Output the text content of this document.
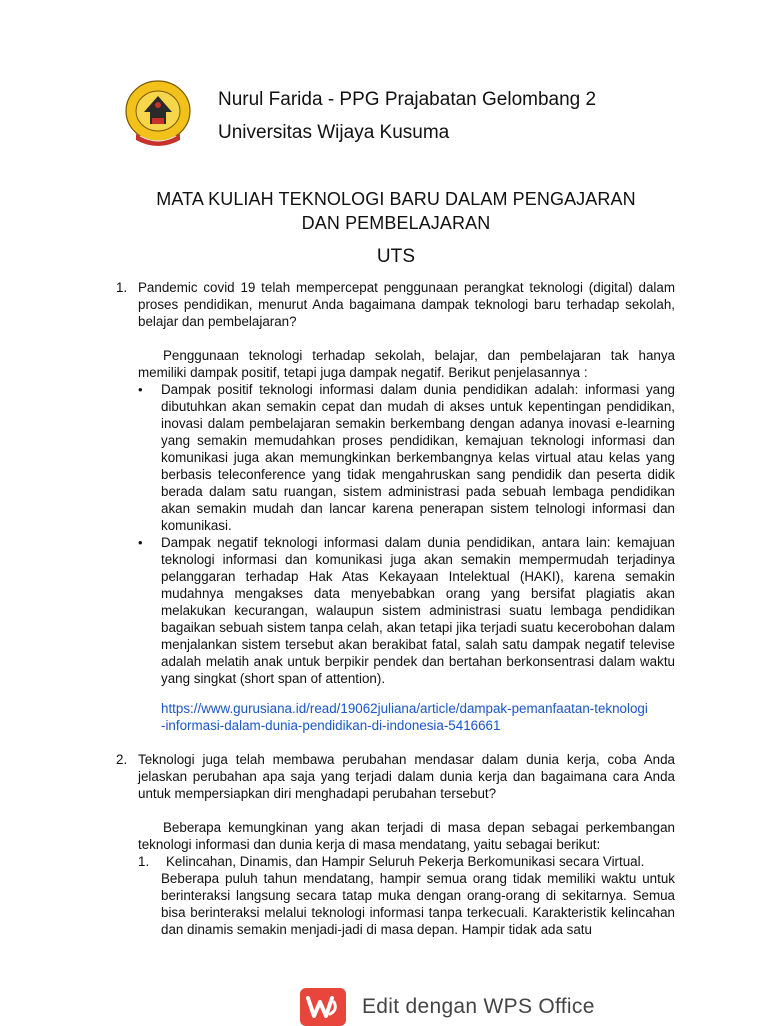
Nurul Farida - PPG Prajabatan Gelombang 2
Universitas Wijaya Kusuma
MATA KULIAH TEKNOLOGI BARU DALAM PENGAJARAN
DAN PEMBELAJARAN
UTS
1. Pandemic covid 19 telah mempercepat penggunaan perangkat teknologi (digital) dalam proses pendidikan, menurut Anda bagaimana dampak teknologi baru terhadap sekolah, belajar dan pembelajaran?
Penggunaan teknologi terhadap sekolah, belajar, dan pembelajaran tak hanya memiliki dampak positif, tetapi juga dampak negatif. Berikut penjelasannya :
• Dampak positif teknologi informasi dalam dunia pendidikan adalah: informasi yang dibutuhkan akan semakin cepat dan mudah di akses untuk kepentingan pendidikan, inovasi dalam pembelajaran semakin berkembang dengan adanya inovasi e-learning yang semakin memudahkan proses pendidikan, kemajuan teknologi informasi dan komunikasi juga akan memungkinkan berkembangnya kelas virtual atau kelas yang berbasis teleconference yang tidak mengahruskan sang pendidik dan peserta didik berada dalam satu ruangan, sistem administrasi pada sebuah lembaga pendidikan akan semakin mudah dan lancar karena penerapan sistem telnologi informasi dan komunikasi.
• Dampak negatif teknologi informasi dalam dunia pendidikan, antara lain: kemajuan teknologi informasi dan komunikasi juga akan semakin mempermudah terjadinya pelanggaran terhadap Hak Atas Kekayaan Intelektual (HAKI), karena semakin mudahnya mengakses data menyebabkan orang yang bersifat plagiatis akan melakukan kecurangan, walaupun sistem administrasi suatu lembaga pendidikan bagaikan sebuah sistem tanpa celah, akan tetapi jika terjadi suatu kecerobohan dalam menjalankan sistem tersebut akan berakibat fatal, salah satu dampak negatif televise adalah melatih anak untuk berpikir pendek dan bertahan berkonsentrasi dalam waktu yang singkat (short span of attention).
https://www.gurusiana.id/read/19062juliana/article/dampak-pemanfaatan-teknologi
-informasi-dalam-dunia-pendidikan-di-indonesia-5416661
2. Teknologi juga telah membawa perubahan mendasar dalam dunia kerja, coba Anda jelaskan perubahan apa saja yang terjadi dalam dunia kerja dan bagaimana cara Anda untuk mempersiapkan diri menghadapi perubahan tersebut?
Beberapa kemungkinan yang akan terjadi di masa depan sebagai perkembangan teknologi informasi dan dunia kerja di masa mendatang, yaitu sebagai berikut:
1. Kelincahan, Dinamis, dan Hampir Seluruh Pekerja Berkomunikasi secara Virtual.
Beberapa puluh tahun mendatang, hampir semua orang tidak memiliki waktu untuk berinteraksi langsung secara tatap muka dengan orang-orang di sekitarnya. Semua bisa berinteraksi melalui teknologi informasi tanpa terkecuali. Karakteristik kelincahan dan dinamis semakin menjadi-jadi di masa depan. Hampir tidak ada satu
Edit dengan WPS Office
